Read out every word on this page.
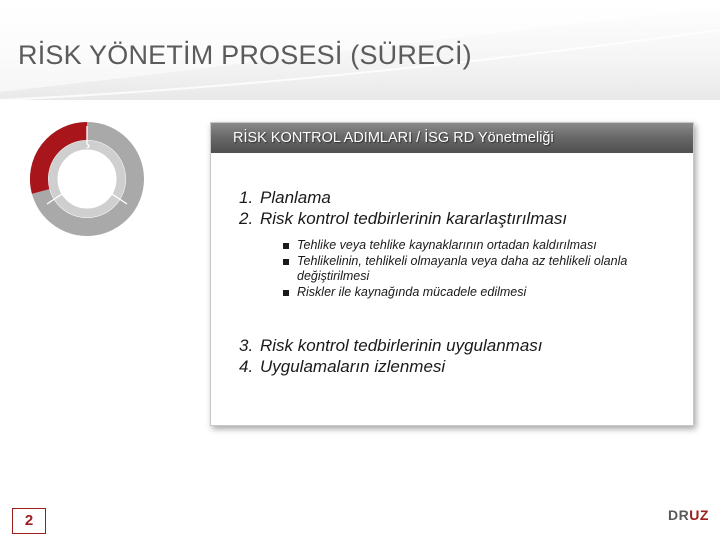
RİSK YÖNETİM PROSESİ (SÜRECİ)
RİSK KONTROL ADIMLARI / İSG RD Yönetmeliği
1. Planlama
2. Risk kontrol tedbirlerinin kararlaştırılması
Tehlike veya tehlike kaynaklarının ortadan kaldırılması
Tehlikelinin, tehlikeli olmayanla veya daha az tehlikeli olanla değiştirilmesi
Riskler ile kaynağında mücadele edilmesi
3. Risk kontrol tedbirlerinin uygulanması
4. Uygulamaların izlenmesi
2	DRUZ
